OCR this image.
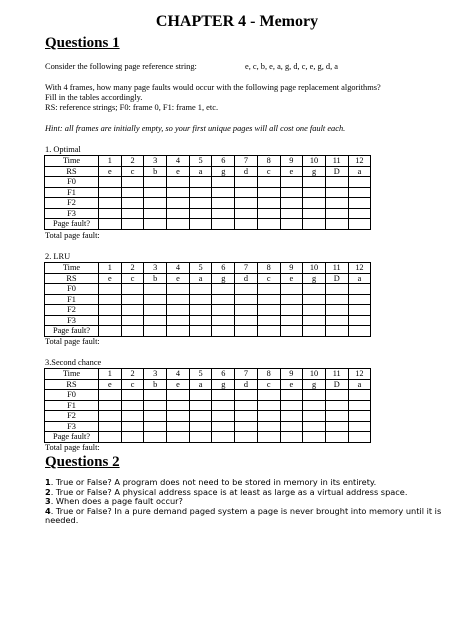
CHAPTER 4 - Memory
Questions 1
Consider the following page reference string:	e, c, b, e, a, g, d, c, e, g, d, a
With 4 frames, how many page faults would occur with the following page replacement algorithms?
Fill in the tables accordingly.
RS: reference strings; F0: frame 0, F1: frame 1, etc.
Hint: all frames are initially empty, so your first unique pages will all cost one fault each.
1. Optimal
Time	1	2	3	4	5	6	7	8	9	10	11	12
RS	e	c	b	e	a	g	d	c	e	g	D	a
F0												
F1												
F2												
F3												
Page fault?												
Total page fault:
2. LRU
Time	1	2	3	4	5	6	7	8	9	10	11	12
RS	e	c	b	e	a	g	d	c	e	g	D	a
F0												
F1												
F2												
F3												
Page fault?												
Total page fault:
3.Second chance
Time	1	2	3	4	5	6	7	8	9	10	11	12
RS	e	c	b	e	a	g	d	c	e	g	D	a
F0												
F1												
F2												
F3												
Page fault?												
Total page fault:
Questions 2
1. True or False? A program does not need to be stored in memory in its entirety.
2. True or False? A physical address space is at least as large as a virtual address space.
3. When does a page fault occur?
4. True or False? In a pure demand paged system a page is never brought into memory until it is needed.
